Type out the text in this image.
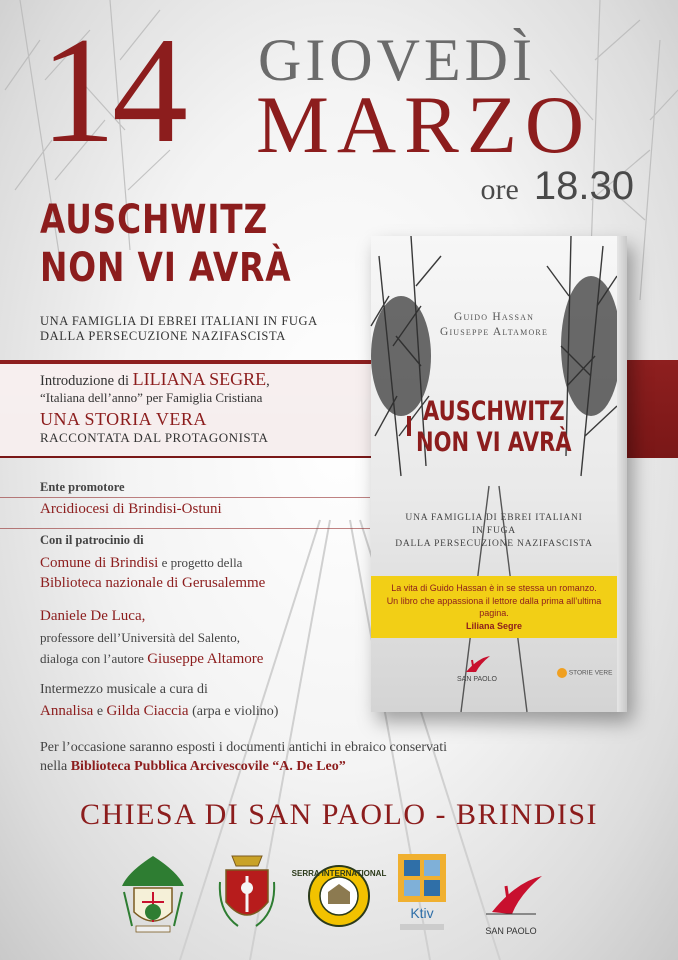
14 GIOVEDÌ
MARZO
ore 18.30
AUSCHWITZ
NON VI AVRÀ
UNA FAMIGLIA DI EBREI ITALIANI IN FUGA
DALLA PERSECUZIONE NAZIFASCISTA
Introduzione di LILIANA SEGRE,
“Italiana dell’anno” per Famiglia Cristiana
UNA STORIA VERA
RACCONTATA DAL PROTAGONISTA
Ente promotore
Arcidiocesi di Brindisi-Ostuni
Con il patrocinio di
Comune di Brindisi e progetto della
Biblioteca nazionale di Gerusalemme
Daniele De Luca,
professore dell’Università del Salento,
dialoga con l’autore Giuseppe Altamore
Intermezzo musicale a cura di
Annalisa e Gilda Ciaccia (arpa e violino)
Guido Hassan
Giuseppe Altamore
AUSCHWITZ
NON VI AVRÀ
UNA FAMIGLIA DI EBREI ITALIANI
IN FUGA
DALLA PERSECUZIONE NAZIFASCISTA
La vita di Guido Hassan è in se stessa un romanzo.
Un libro che appassiona il lettore dalla prima all’ultima pagina.
Liliana Segre
SAN PAOLO
STORIE VERE
Per l’occasione saranno esposti i documenti antichi in ebraico conservati
nella Biblioteca Pubblica Arcivescovile “A. De Leo”
CHIESA DI SAN PAOLO - BRINDISI
SERRA INTERNATIONAL
Ktiv
SAN PAOLO
